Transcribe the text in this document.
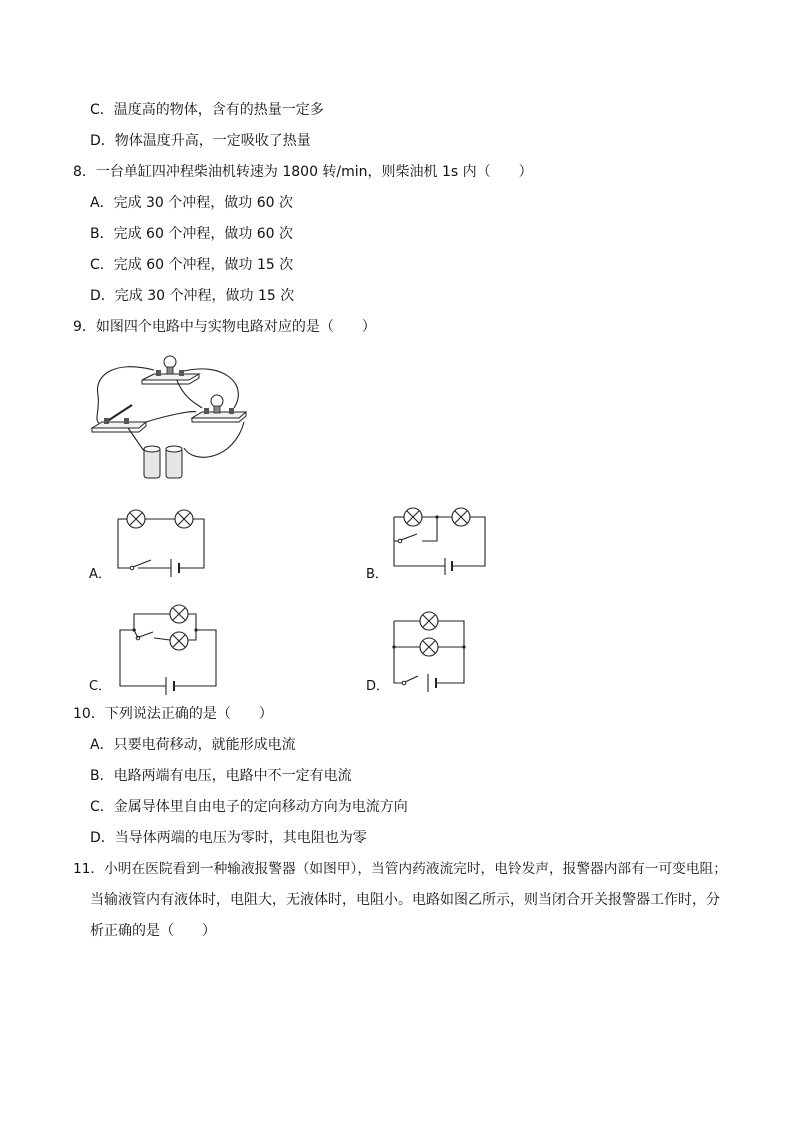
C．温度高的物体，含有的热量一定多
D．物体温度升高，一定吸收了热量
8．一台单缸四冲程柴油机转速为 1800 转/min，则柴油机 1s 内（　　）
A．完成 30 个冲程，做功 60 次
B．完成 60 个冲程，做功 60 次
C．完成 60 个冲程，做功 15 次
D．完成 30 个冲程，做功 15 次
9．如图四个电路中与实物电路对应的是（　　）
A．	B．
C．	D．
10．下列说法正确的是（　　）
A．只要电荷移动，就能形成电流
B．电路两端有电压，电路中不一定有电流
C．金属导体里自由电子的定向移动方向为电流方向
D．当导体两端的电压为零时，其电阻也为零
11．小明在医院看到一种输液报警器（如图甲），当管内药液流完时，电铃发声，报警器内部有一可变电阻；
当输液管内有液体时，电阻大，无液体时，电阻小。电路如图乙所示，则当闭合开关报警器工作时，分
析正确的是（　　）
